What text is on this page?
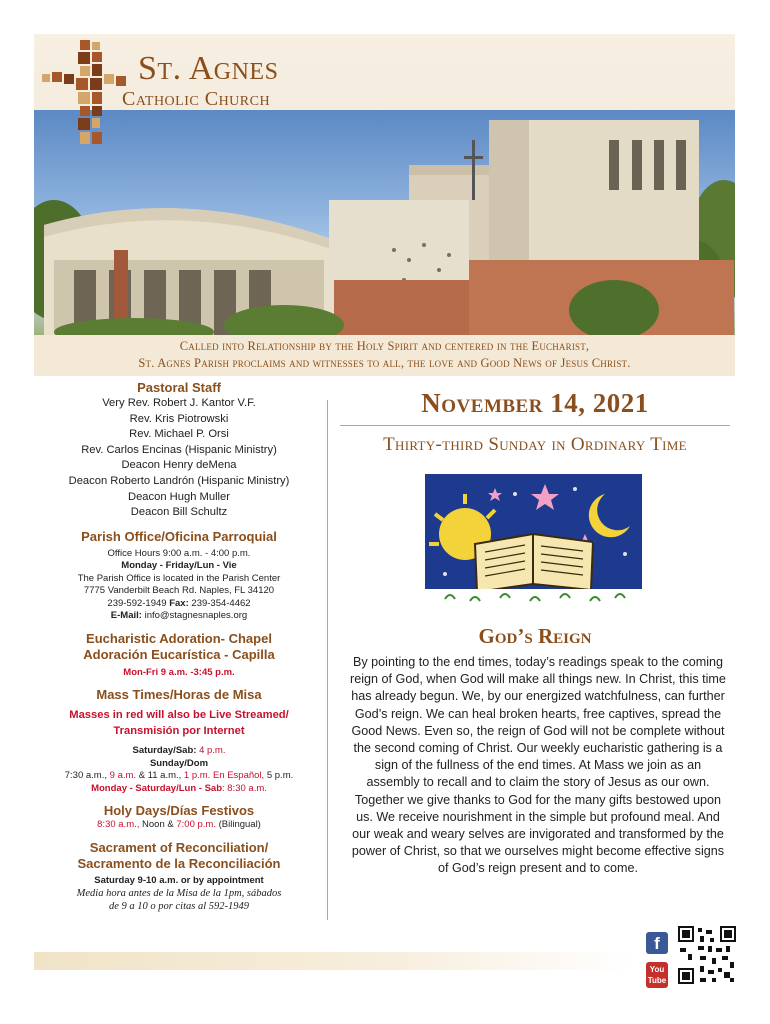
St. Agnes
Catholic Church
Called into Relationship by the Holy Spirit and centered in the Eucharist,
St. Agnes Parish proclaims and witnesses to all, the love and Good News of Jesus Christ.
Pastoral Staff
Very Rev. Robert J. Kantor V.F.
Rev. Kris Piotrowski
Rev. Michael P. Orsi
Rev. Carlos Encinas (Hispanic Ministry)
Deacon Henry deMena
Deacon Roberto Landrón (Hispanic Ministry)
Deacon Hugh Muller
Deacon Bill Schultz
Parish Office/Oficina Parroquial
Office Hours 9:00 a.m. - 4:00 p.m.
Monday - Friday/Lun - Vie
The Parish Office is located in the Parish Center
7775 Vanderbilt Beach Rd. Naples, FL 34120
239-592-1949 Fax: 239-354-4462
E-Mail: info@stagnesnaples.org
Eucharistic Adoration- Chapel
Adoración Eucarística - Capilla
Mon-Fri 9 a.m. -3:45 p.m.
Mass Times/Horas de Misa
Masses in red will also be Live Streamed/
Transmisión por Internet
Saturday/Sab: 4 p.m.
Sunday/Dom
7:30 a.m., 9 a.m. & 11 a.m., 1 p.m. En Español, 5 p.m.
Monday - Saturday/Lun - Sab: 8:30 a.m.
Holy Days/Días Festivos
8:30 a.m., Noon & 7:00 p.m. (Bilingual)
Sacrament of Reconciliation/
Sacramento de la Reconciliación
Saturday 9-10 a.m. or by appointment
Media hora antes de la Misa de la 1pm, sábados
de 9 a 10 o por citas al 592-1949
November 14, 2021
Thirty-third Sunday in Ordinary Time
God’s Reign
By pointing to the end times, today’s readings speak to the coming reign of God, when God will make all things new. In Christ, this time has already begun. We, by our energized watchfulness, can further God’s reign. We can heal broken hearts, free captives, spread the Good News. Even so, the reign of God will not be complete without the second coming of Christ. Our weekly eucharistic gathering is a sign of the fullness of the end times. At Mass we join as an assembly to recall and to claim the story of Jesus as our own. Together we give thanks to God for the many gifts bestowed upon us. We receive nourishment in the simple but profound meal. And our weak and weary selves are invigorated and transformed by the power of Christ, so that we ourselves might become effective signs of God’s reign present and to come.
f
You
Tube
